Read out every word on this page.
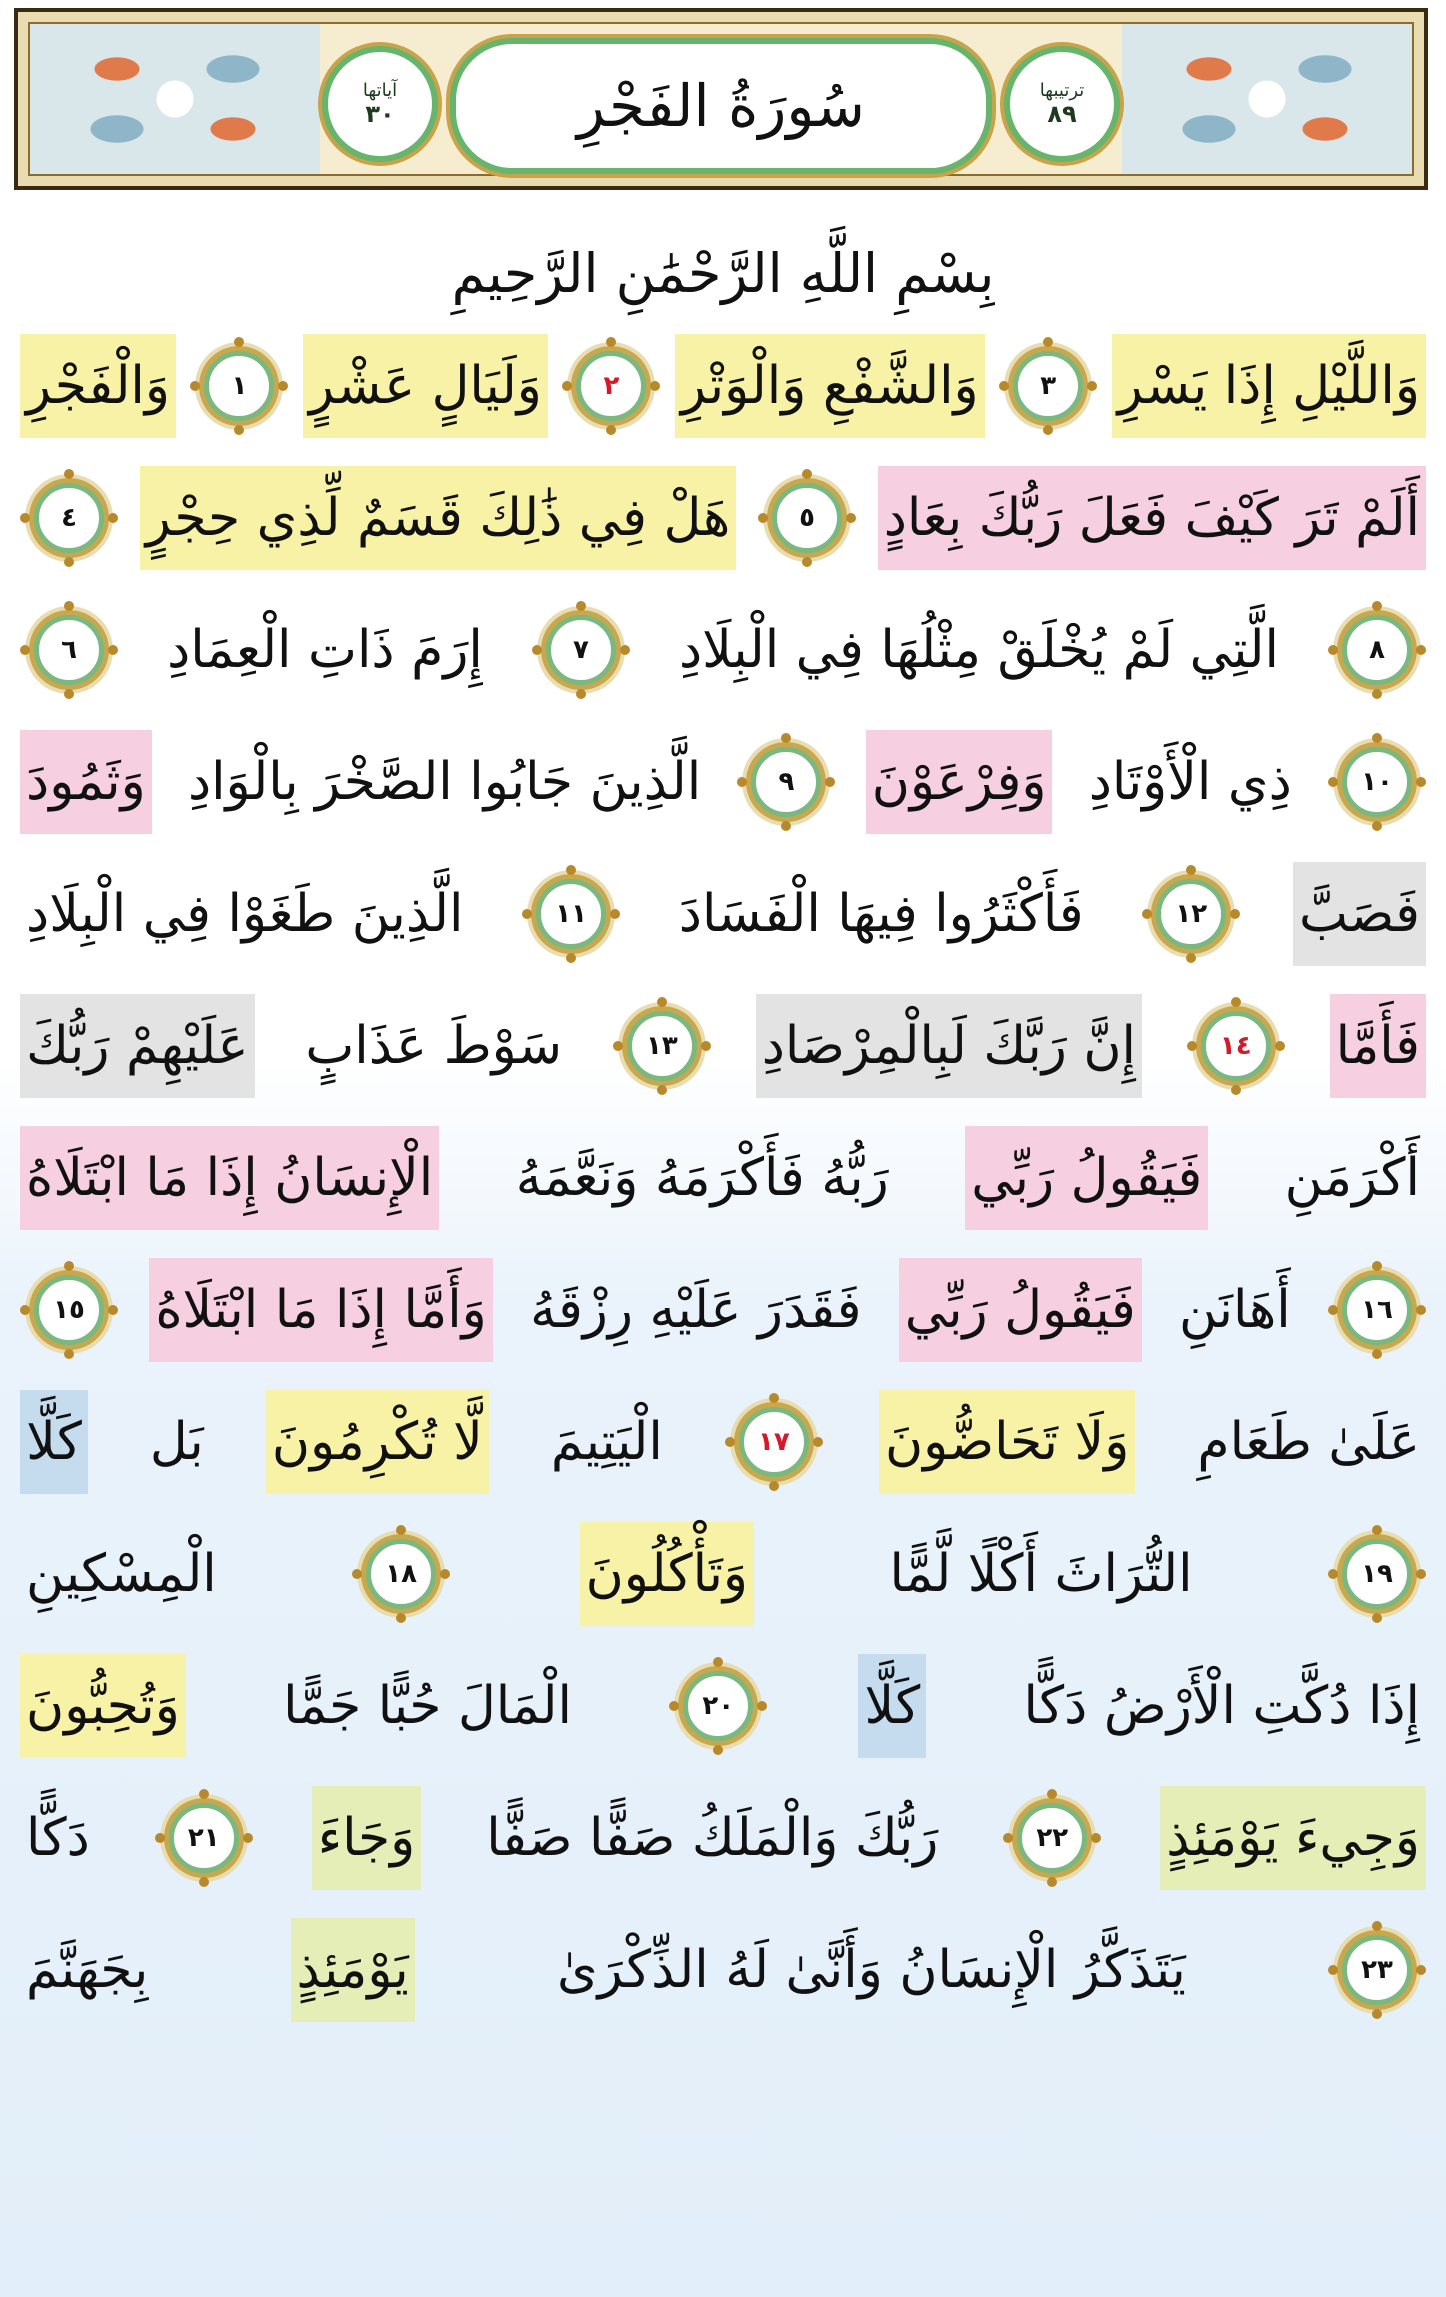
ترتيبها
٨٩
آياتها
٣٠	سُورَةُ الفَجْرِ
بِسْمِ اللَّهِ الرَّحْمَٰنِ الرَّحِيمِ
وَالْفَجْرِ ١ وَلَيَالٍ عَشْرٍ ٢ وَالشَّفْعِ وَالْوَتْرِ ٣ وَاللَّيْلِ إِذَا يَسْرِ
٤ هَلْ فِي ذَٰلِكَ قَسَمٌ لِّذِي حِجْرٍ	٥ أَلَمْ تَرَ كَيْفَ فَعَلَ رَبُّكَ بِعَادٍ
٦ إِرَمَ ذَاتِ الْعِمَادِ	٧ الَّتِي لَمْ يُخْلَقْ مِثْلُهَا فِي الْبِلَادِ	٨
وَثَمُودَ الَّذِينَ جَابُوا الصَّخْرَ بِالْوَادِ	٩ وَفِرْعَوْنَ ذِي الْأَوْتَادِ	١٠
الَّذِينَ طَغَوْا فِي الْبِلَادِ	١١ فَأَكْثَرُوا فِيهَا الْفَسَادَ	١٢ فَصَبَّ
عَلَيْهِمْ رَبُّكَ سَوْطَ عَذَابٍ	١٣ إِنَّ رَبَّكَ لَبِالْمِرْصَادِ	١٤ فَأَمَّا
الْإِنسَانُ إِذَا مَا ابْتَلَاهُ رَبُّهُ فَأَكْرَمَهُ وَنَعَّمَهُ فَيَقُولُ رَبِّي أَكْرَمَنِ
١٥ وَأَمَّا إِذَا مَا ابْتَلَاهُ فَقَدَرَ عَلَيْهِ رِزْقَهُ فَيَقُولُ رَبِّي أَهَانَنِ	١٦
كَلَّا بَل لَّا تُكْرِمُونَ الْيَتِيمَ	١٧ وَلَا تَحَاضُّونَ عَلَىٰ طَعَامِ
الْمِسْكِينِ	١٨	وَتَأْكُلُونَ	التُّرَاثَ أَكْلًا لَّمًّا	١٩
وَتُحِبُّونَ الْمَالَ حُبًّا جَمًّا	٢٠	كَلَّا إِذَا دُكَّتِ الْأَرْضُ دَكًّا
دَكًّا	٢١ وَجَاءَ رَبُّكَ وَالْمَلَكُ صَفًّا صَفًّا	٢٢ وَجِيءَ يَوْمَئِذٍ
بِجَهَنَّمَ	يَوْمَئِذٍ	يَتَذَكَّرُ الْإِنسَانُ وَأَنَّىٰ لَهُ الذِّكْرَىٰ	٢٣
